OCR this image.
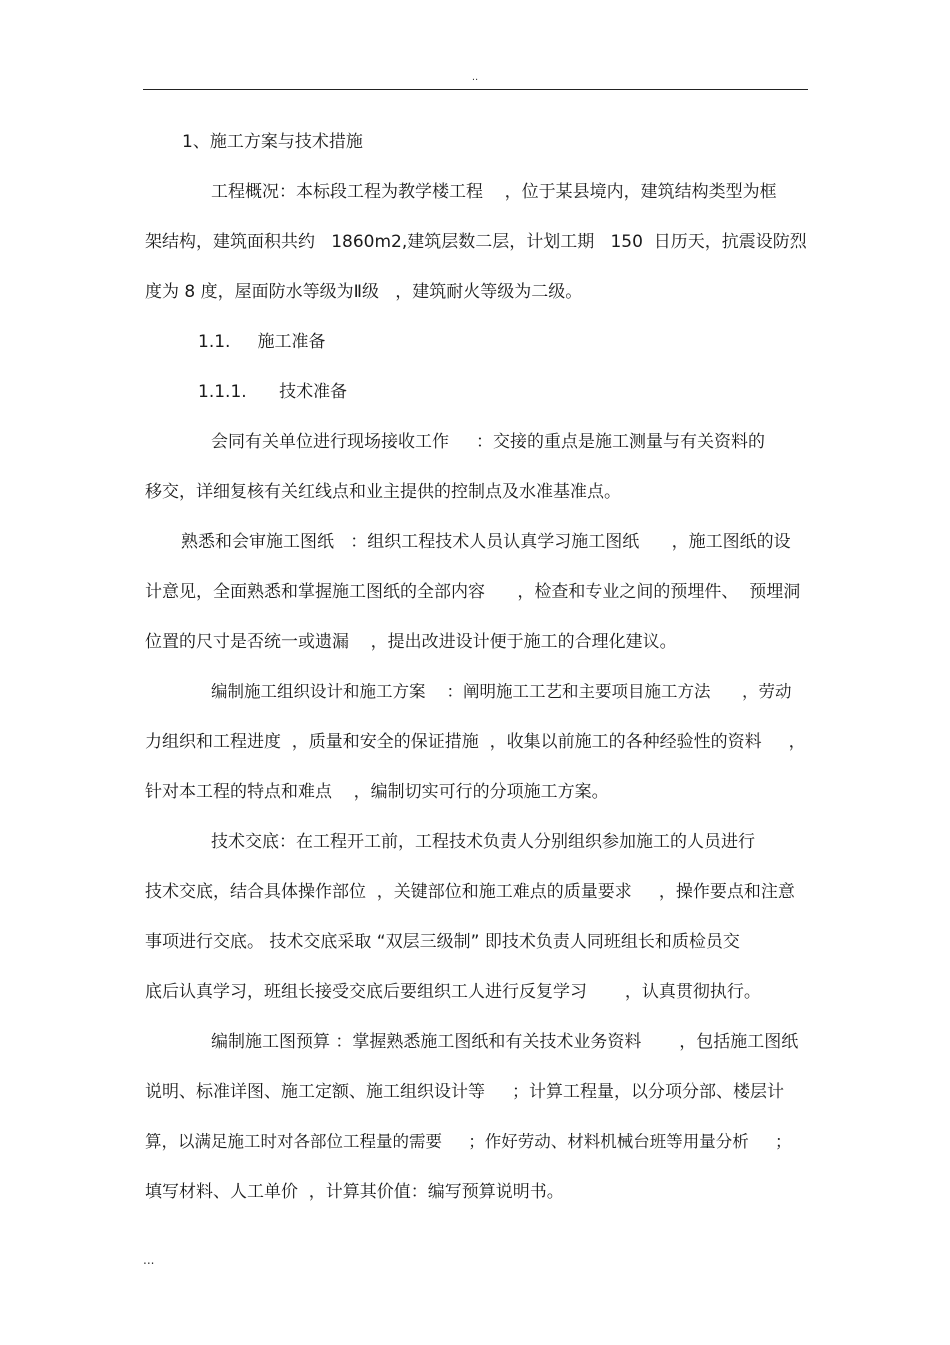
..
1、施工方案与技术措施
工程概况：本标段工程为教学楼工程    ，位于某县境内，建筑结构类型为框
架结构，建筑面积共约   1860m2,建筑层数二层，计划工期   150  日历天，抗震设防烈
度为 8 度，屋面防水等级为Ⅱ级   ，建筑耐火等级为二级。
1.1.     施工准备
1.1.1.      技术准备
会同有关单位进行现场接收工作     ：交接的重点是施工测量与有关资料的
移交，详细复核有关红线点和业主提供的控制点及水准基准点。
熟悉和会审施工图纸   ：组织工程技术人员认真学习施工图纸      ，施工图纸的设
计意见，全面熟悉和掌握施工图纸的全部内容      ，检查和专业之间的预埋件、  预埋洞
位置的尺寸是否统一或遗漏    ，提出改进设计便于施工的合理化建议。
编制施工组织设计和施工方案    ：阐明施工工艺和主要项目施工方法      ，劳动
力组织和工程进度  ，质量和安全的保证措施  ，收集以前施工的各种经验性的资料     ，
针对本工程的特点和难点    ，编制切实可行的分项施工方案。
技术交底：在工程开工前，工程技术负责人分别组织参加施工的人员进行
技术交底，结合具体操作部位  ，关键部位和施工难点的质量要求     ，操作要点和注意
事项进行交底。 技术交底采取 “双层三级制” 即技术负责人同班组长和质检员交
底后认真学习，班组长接受交底后要组织工人进行反复学习       ，认真贯彻执行。
编制施工图预算 ：掌握熟悉施工图纸和有关技术业务资料       ，包括施工图纸
说明、标准详图、施工定额、施工组织设计等     ；计算工程量，以分项分部、楼层计
算，以满足施工时对各部位工程量的需要     ；作好劳动、材料机械台班等用量分析     ；
填写材料、人工单价  ，计算其价值：编写预算说明书。
...
